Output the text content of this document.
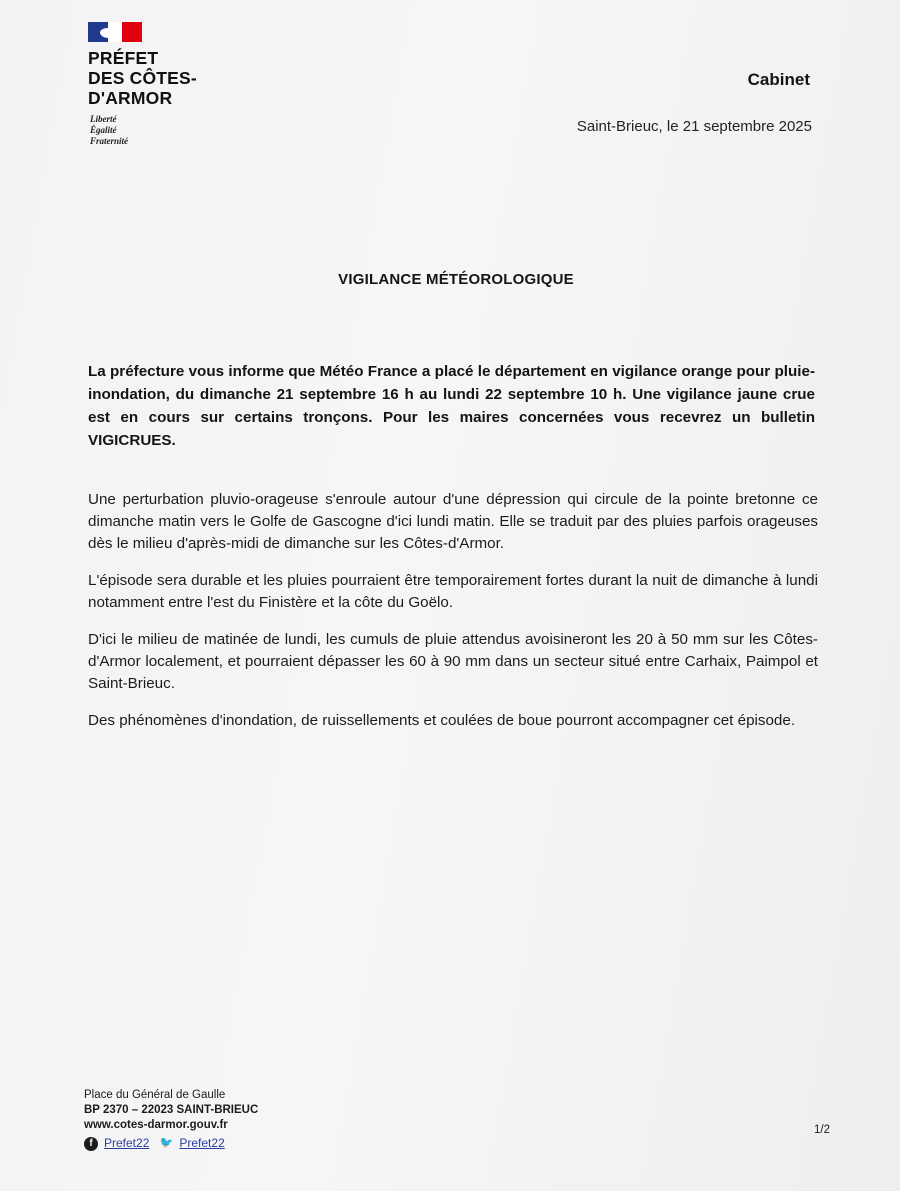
PRÉFET
DES CÔTES-
D'ARMOR
Liberté
Égalité
Fraternité
Cabinet
Saint-Brieuc, le 21 septembre 2025
VIGILANCE MÉTÉOROLOGIQUE
La préfecture vous informe que Météo France a placé le département en vigilance orange pour pluie-inondation, du dimanche 21 septembre 16 h au lundi 22 septembre 10 h. Une vigilance jaune crue est en cours sur certains tronçons. Pour les maires concernées vous recevrez un bulletin VIGICRUES.

Une perturbation pluvio-orageuse s'enroule autour d'une dépression qui circule de la pointe bretonne ce dimanche matin vers le Golfe de Gascogne d'ici lundi matin. Elle se traduit par des pluies parfois orageuses dès le milieu d'après-midi de dimanche sur les Côtes-d'Armor.

L'épisode sera durable et les pluies pourraient être temporairement fortes durant la nuit de dimanche à lundi notamment entre l'est du Finistère et la côte du Goëlo.

D'ici le milieu de matinée de lundi, les cumuls de pluie attendus avoisineront les 20 à 50 mm sur les Côtes-d'Armor localement, et pourraient dépasser les 60 à 90 mm dans un secteur situé entre Carhaix, Paimpol et Saint-Brieuc.

Des phénomènes d'inondation, de ruissellements et coulées de boue pourront accompagner cet épisode.

Place du Général de Gaulle
BP 2370 – 22023 SAINT-BRIEUC
www.cotes-darmor.gouv.fr
f Prefet22 🐦 Prefet22
1/2
